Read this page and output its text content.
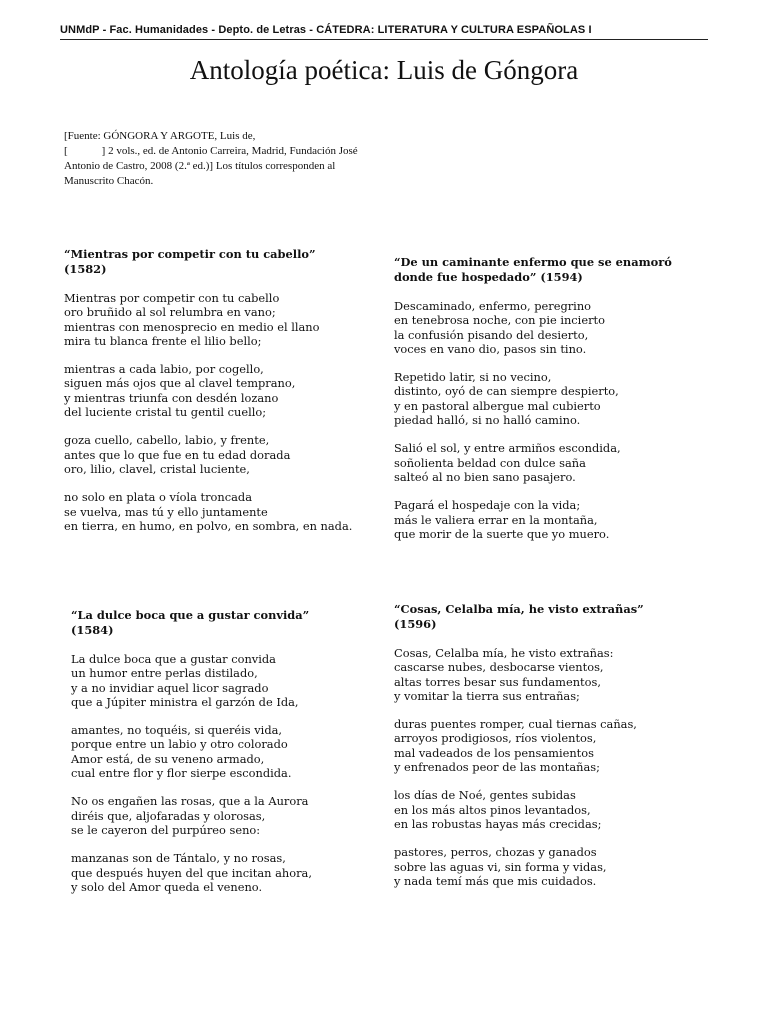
UNMdP - Fac. Humanidades - Depto. de Letras - CÁTEDRA: LITERATURA Y CULTURA ESPAÑOLAS I
Antología poética: Luis de Góngora
[Fuente: GÓNGORA Y ARGOTE, Luis de,
[	] 2 vols., ed. de Antonio Carreira, Madrid, Fundación José Antonio de Castro, 2008 (2.ª ed.)] Los títulos corresponden al Manuscrito Chacón.
“Mientras por competir con tu cabello”
(1582)
Mientras por competir con tu cabello
oro bruñido al sol relumbra en vano;
mientras con menosprecio en medio el llano
mira tu blanca frente el lilio bello;
mientras a cada labio, por cogello,
siguen más ojos que al clavel temprano,
y mientras triunfa con desdén lozano
del luciente cristal tu gentil cuello;
goza cuello, cabello, labio, y frente,
antes que lo que fue en tu edad dorada
oro, lilio, clavel, cristal luciente,
no solo en plata o víola troncada
se vuelva, mas tú y ello juntamente
en tierra, en humo, en polvo, en sombra, en nada.
“De un caminante enfermo que se enamoró
donde fue hospedado” (1594)
Descaminado, enfermo, peregrino
en tenebrosa noche, con pie incierto
la confusión pisando del desierto,
voces en vano dio, pasos sin tino.
Repetido latir, si no vecino,
distinto, oyó de can siempre despierto,
y en pastoral albergue mal cubierto
piedad halló, si no halló camino.
Salió el sol, y entre armiños escondida,
soñolienta beldad con dulce saña
salteó al no bien sano pasajero.
Pagará el hospedaje con la vida;
más le valiera errar en la montaña,
que morir de la suerte que yo muero.
“La dulce boca que a gustar convida”
(1584)
La dulce boca que a gustar convida
un humor entre perlas distilado,
y a no invidiar aquel licor sagrado
que a Júpiter ministra el garzón de Ida,
amantes, no toquéis, si queréis vida,
porque entre un labio y otro colorado
Amor está, de su veneno armado,
cual entre flor y flor sierpe escondida.
No os engañen las rosas, que a la Aurora
diréis que, aljofaradas y olorosas,
se le cayeron del purpúreo seno:
manzanas son de Tántalo, y no rosas,
que después huyen del que incitan ahora,
y solo del Amor queda el veneno.
“Cosas, Celalba mía, he visto extrañas”
(1596)
Cosas, Celalba mía, he visto extrañas:
cascarse nubes, desbocarse vientos,
altas torres besar sus fundamentos,
y vomitar la tierra sus entrañas;
duras puentes romper, cual tiernas cañas,
arroyos prodigiosos, ríos violentos,
mal vadeados de los pensamientos
y enfrenados peor de las montañas;
los días de Noé, gentes subidas
en los más altos pinos levantados,
en las robustas hayas más crecidas;
pastores, perros, chozas y ganados
sobre las aguas vi, sin forma y vidas,
y nada temí más que mis cuidados.
